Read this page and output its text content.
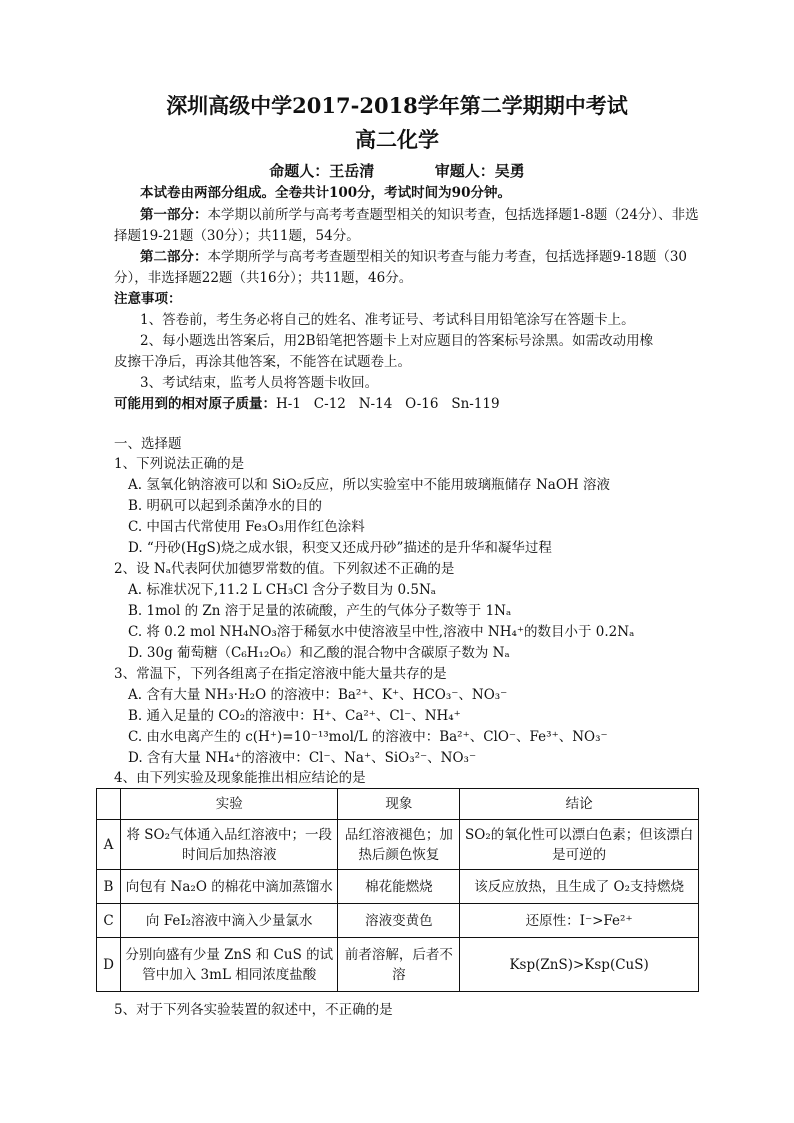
深圳高级中学2017-2018学年第二学期期中考试
高二化学
命题人：王岳清	审题人：吴勇
本试卷由两部分组成。全卷共计100分，考试时间为90分钟。
第一部分：本学期以前所学与高考考查题型相关的知识考查，包括选择题1-8题（24分）、非选择题19-21题（30分）；共11题，54分。
第二部分：本学期所学与高考考查题型相关的知识考查与能力考查，包括选择题9-18题（30分），非选择题22题（共16分）；共11题，46分。
注意事项：
1、答卷前，考生务必将自己的姓名、准考证号、考试科目用铅笔涂写在答题卡上。
2、每小题选出答案后，用2B铅笔把答题卡上对应题目的答案标号涂黑。如需改动用橡
皮擦干净后，再涂其他答案，不能答在试题卷上。
3、考试结束，监考人员将答题卡收回。
可能用到的相对原子质量：H-1   C-12   N-14   O-16   Sn-119
一、选择题
1、下列说法正确的是
A. 氢氧化钠溶液可以和 SiO₂反应，所以实验室中不能用玻璃瓶储存 NaOH 溶液
B. 明矾可以起到杀菌净水的目的
C. 中国古代常使用 Fe₃O₃用作红色涂料
D. “丹砂(HgS)烧之成水银，积变又还成丹砂”描述的是升华和凝华过程
2、设 Nₐ代表阿伏加德罗常数的值。下列叙述不正确的是
A. 标准状况下,11.2 L CH₃Cl 含分子数目为 0.5Nₐ
B. 1mol 的 Zn 溶于足量的浓硫酸，产生的气体分子数等于 1Nₐ
C. 将 0.2 mol NH₄NO₃溶于稀氨水中使溶液呈中性,溶液中 NH₄⁺的数目小于 0.2Nₐ
D. 30g 葡萄糖（C₆H₁₂O₆）和乙酸的混合物中含碳原子数为 Nₐ
3、常温下，下列各组离子在指定溶液中能大量共存的是
A. 含有大量 NH₃·H₂O 的溶液中：Ba²⁺、K⁺、HCO₃⁻、NO₃⁻
B. 通入足量的 CO₂的溶液中：H⁺、Ca²⁺、Cl⁻、NH₄⁺
C. 由水电离产生的 c(H⁺)=10⁻¹³mol/L 的溶液中：Ba²⁺、ClO⁻、Fe³⁺、NO₃⁻
D. 含有大量 NH₄⁺的溶液中：Cl⁻、Na⁺、SiO₃²⁻、NO₃⁻
4、由下列实验及现象能推出相应结论的是
	实验	现象	结论
A	将 SO₂气体通入品红溶液中；一段时间后加热溶液	品红溶液褪色；加热后颜色恢复	SO₂的氧化性可以漂白色素；但该漂白是可逆的
B	向包有 Na₂O 的棉花中滴加蒸馏水	棉花能燃烧	该反应放热，且生成了 O₂支持燃烧
C	向 FeI₂溶液中滴入少量氯水	溶液变黄色	还原性：I⁻>Fe²⁺
D	分别向盛有少量 ZnS 和 CuS 的试管中加入 3mL 相同浓度盐酸	前者溶解，后者不溶	Ksp(ZnS)>Ksp(CuS)
5、对于下列各实验装置的叙述中，不正确的是
